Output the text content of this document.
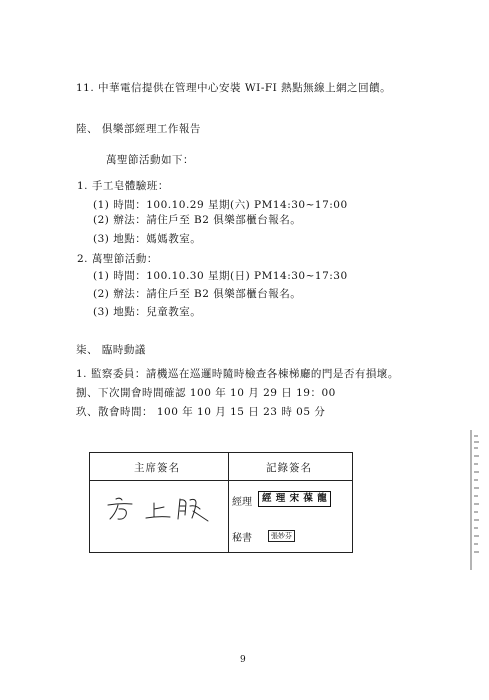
11. 中華電信提供在管理中心安裝 WI-FI 熱點無線上網之回饋。
陸、 俱樂部經理工作報告
萬聖節活動如下：
1. 手工皂體驗班：
(1) 時間：100.10.29 星期(六) PM14:30~17:00
(2) 辦法：請住戶至 B2 俱樂部櫃台報名。
(3) 地點：媽媽教室。
2. 萬聖節活動：
(1) 時間：100.10.30 星期(日) PM14:30~17:30
(2) 辦法：請住戶至 B2 俱樂部櫃台報名。
(3) 地點：兒童教室。
柒、 臨時動議
1. 監察委員：請機巡在巡邏時隨時檢查各棟梯廳的門是否有損壞。
捌、下次開會時間確認 100 年 10 月 29 日 19：00
玖、散會時間： 100 年 10 月 15 日 23 時 05 分
主席簽名	記錄簽名
經理	經 理 宋 葆 龍
秘書	張妙芬
9
